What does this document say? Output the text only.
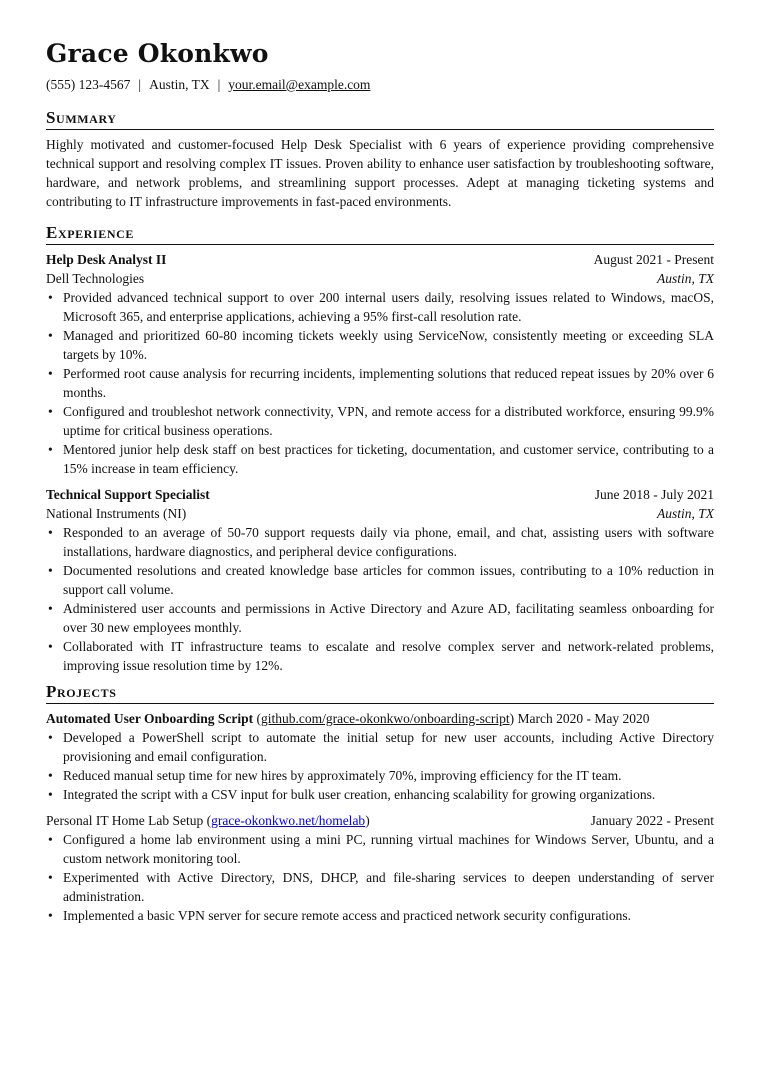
Grace Okonkwo
(555) 123-4567 | Austin, TX | your.email@example.com
Summary

Highly motivated and customer-focused Help Desk Specialist with 6 years of experience providing comprehensive technical support and resolving complex IT issues. Proven ability to enhance user satisfaction by troubleshooting software, hardware, and network problems, and streamlining support processes. Adept at managing ticketing systems and contributing to IT infrastructure improvements in fast-paced environments.

Experience
Help Desk Analyst II	August 2021 - Present
Dell Technologies	Austin, TX
• Provided advanced technical support to over 200 internal users daily, resolving issues related to Windows, macOS, Microsoft 365, and enterprise applications, achieving a 95% first-call resolution rate.
• Managed and prioritized 60-80 incoming tickets weekly using ServiceNow, consistently meeting or exceeding SLA targets by 10%.
• Performed root cause analysis for recurring incidents, implementing solutions that reduced repeat issues by 20% over 6 months.
• Configured and troubleshot network connectivity, VPN, and remote access for a distributed workforce, ensuring 99.9% uptime for critical business operations.
• Mentored junior help desk staff on best practices for ticketing, documentation, and customer service, contributing to a 15% increase in team efficiency.
Technical Support Specialist	June 2018 - July 2021
National Instruments (NI)	Austin, TX
• Responded to an average of 50-70 support requests daily via phone, email, and chat, assisting users with software installations, hardware diagnostics, and peripheral device configurations.
• Documented resolutions and created knowledge base articles for common issues, contributing to a 10% reduction in support call volume.
• Administered user accounts and permissions in Active Directory and Azure AD, facilitating seamless onboarding for over 30 new employees monthly.
• Collaborated with IT infrastructure teams to escalate and resolve complex server and network-related problems, improving issue resolution time by 12%.
Projects
Automated User Onboarding Script (github.com/grace-okonkwo/onboarding-script) March 2020 - May 2020
• Developed a PowerShell script to automate the initial setup for new user accounts, including Active Directory provisioning and email configuration.
• Reduced manual setup time for new hires by approximately 70%, improving efficiency for the IT team.
• Integrated the script with a CSV input for bulk user creation, enhancing scalability for growing organizations.
Personal IT Home Lab Setup (grace-okonkwo.net/homelab)	January 2022 - Present
• Configured a home lab environment using a mini PC, running virtual machines for Windows Server, Ubuntu, and a custom network monitoring tool.
• Experimented with Active Directory, DNS, DHCP, and file-sharing services to deepen understanding of server administration.
• Implemented a basic VPN server for secure remote access and practiced network security configurations.
